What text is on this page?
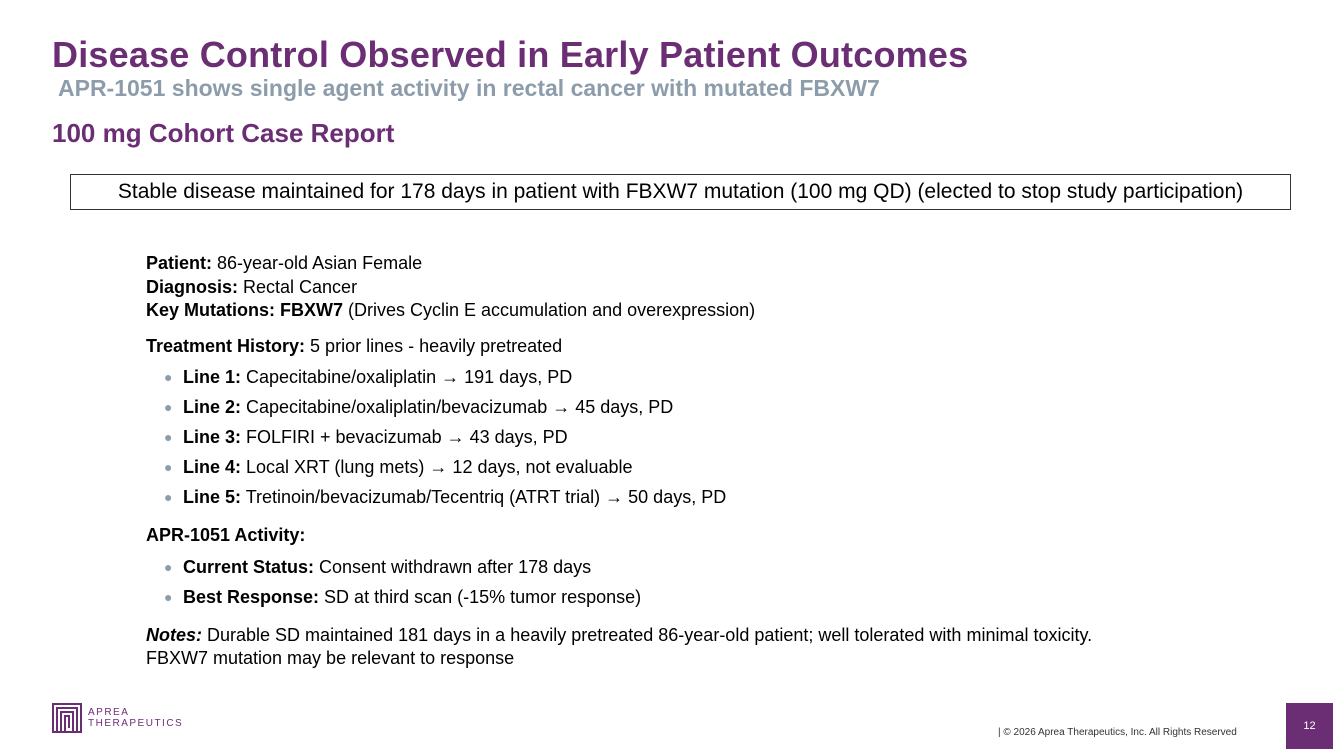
Disease Control Observed in Early Patient Outcomes
APR-1051 shows single agent activity in rectal cancer with mutated FBXW7
100 mg Cohort Case Report
Stable disease maintained for 178 days in patient with FBXW7 mutation (100 mg QD) (elected to stop study participation)
Patient: 86-year-old Asian Female
Diagnosis: Rectal Cancer
Key Mutations: FBXW7 (Drives Cyclin E accumulation and overexpression)
Treatment History: 5 prior lines - heavily pretreated
● Line 1: Capecitabine/oxaliplatin → 191 days, PD
● Line 2: Capecitabine/oxaliplatin/bevacizumab → 45 days, PD
● Line 3: FOLFIRI + bevacizumab → 43 days, PD
● Line 4: Local XRT (lung mets) → 12 days, not evaluable
● Line 5: Tretinoin/bevacizumab/Tecentriq (ATRT trial) → 50 days, PD
APR-1051 Activity:
● Current Status: Consent withdrawn after 178 days
● Best Response: SD at third scan (-15% tumor response)
Notes: Durable SD maintained 181 days in a heavily pretreated 86-year-old patient; well tolerated with minimal toxicity.
FBXW7 mutation may be relevant to response
APREA
THERAPEUTICS
| © 2026 Aprea Therapeutics, Inc. All Rights Reserved
12
